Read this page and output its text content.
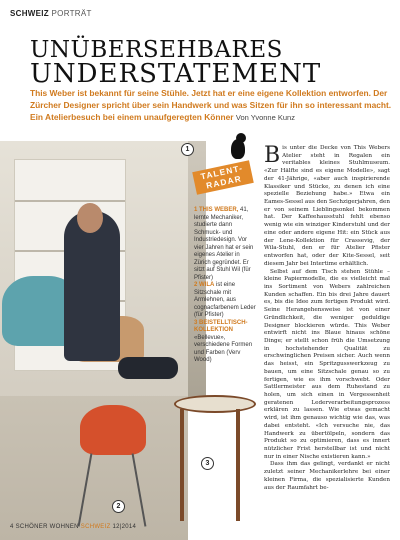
SCHWEIZ PORTRÄT
UNÜBERSEHBARES
UNDERSTATEMENT

This Weber ist bekannt für seine Stühle. Jetzt hat er eine eigene Kollektion entworfen. Der Zürcher Designer spricht über sein Handwerk und was Sitzen für ihn so interessant macht. Ein Atelierbesuch bei einem unaufgeregten Könner Von Yvonne Kunz

1
2
3
TALENT-RADAR
1 THIS WEBER, 41, lernte Mechaniker, studierte dann Schmuck- und Industriedesign. Vor vier Jahren hat er sein eigenes Atelier in Zürich gegründet. Er sitzt auf Stuhl Wil (für Pfister)
2 WILA ist eine Sitzschale mit Armlehnen, aus cognacfarbenem Leder (für Pfister)
3 BEISTELLTISCH-KOLLEKTION «Bellevue», verschiedene Formen und Farben (Verv Wood)

B is unter die Decke von This Webers Atelier steht in Regalen ein veritables kleines Stuhlmuseum. «Zur Hälfte sind es eigene Modelle», sagt der 41-Jährige, «aber auch inspirierende Klassiker und Stücke, zu denen ich eine spezielle Beziehung habe.» Etwa ein Eames-Sessel aus den Sechzigerjahren, den er von seinem Lieblingsonkel bekommen hat. Der Kaffeehausstuhl fehlt ebenso wenig wie ein winziger Kinderstuhl und der eine oder andere eigene Hit: ein Stück aus der Lene-Kollektion für Crassevig, der Wila-Stuhl, den er für Atelier Pfister entworfen hat, oder der Kite-Sessel, seit diesem Jahr bei Intertime erhältlich.

Selbst auf dem Tisch stehen Stühle – kleine Papiermodelle, die es vielleicht mal ins Sortiment von Webers zahlreichen Kunden schaffen. Ein bis drei Jahre dauert es, bis die Idee zum fertigen Produkt wird. Seine Herangehensweise ist von einer Gründlichkeit, die weniger geduldige Designer blockieren würde. This Weber entwirft nicht ins Blaue hinaus schöne Dinge; er stellt schon früh die Umsetzung in hochstehender Qualität zu erschwinglichen Preisen sicher. Auch wenn das heisst, ein Spritzgusswerkzeug zu bauen, um eine Sitzschale genau so zu fertigen, wie es ihm vorschwebt. Oder Sattlermeister aus dem Ruhestand zu holen, um sich einen in Vergessenheit geratenen Lederverarbeitungsprozess erklären zu lassen. Wie etwas gemacht wird, ist ihm genauso wichtig wie das, was dabei entsteht. «Ich versuche nie, das Handwerk zu übertölpeln, sondern das Produkt so zu optimieren, dass es innert nützlicher Frist herstellbar ist und nicht nur in einer Nische existieren kann.»

Dass ihm das gelingt, verdankt er nicht zuletzt seiner Mechanikerlehre bei einer kleinen Firma, die spezialisierte Kunden aus der Raumfahrt be-

4 SCHÖNER WOHNEN SCHWEIZ 12|2014
